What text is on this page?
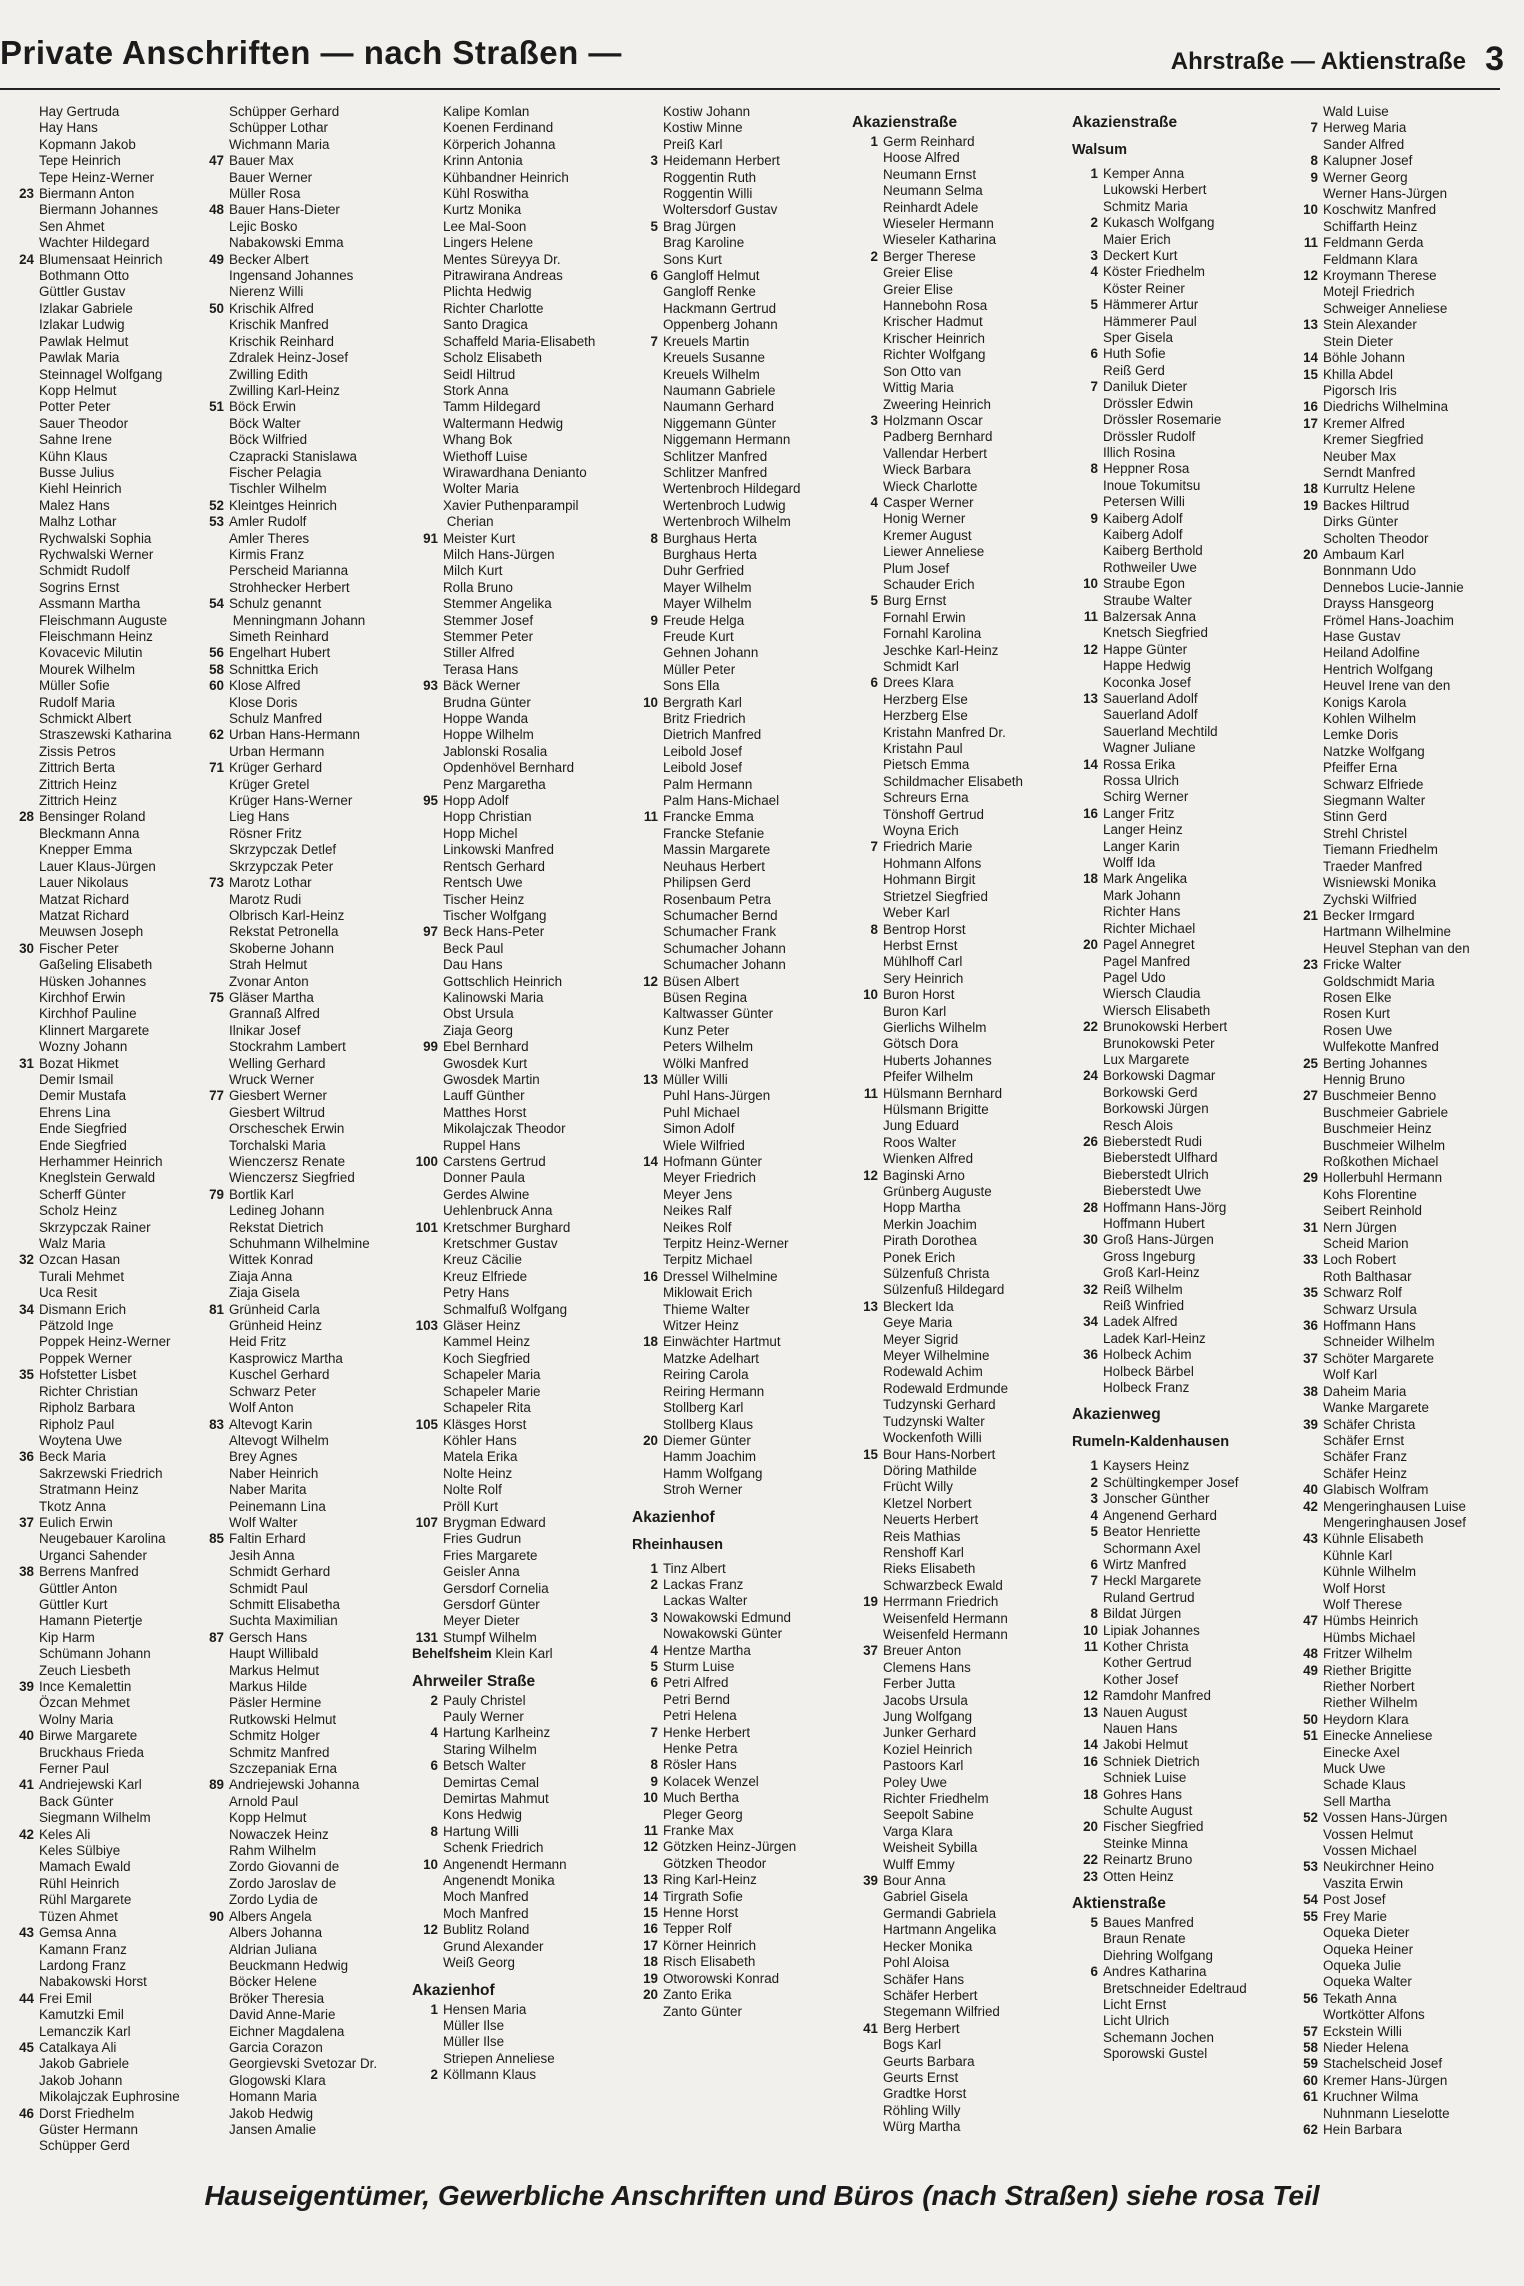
Private Anschriften — nach Straßen —	Ahrstraße — Aktienstraße 3
Hay Gertruda
Hay Hans
Kopmann Jakob
Tepe Heinrich
Tepe Heinz-Werner
23 Biermann Anton
Biermann Johannes
Sen Ahmet
Wachter Hildegard
24 Blumensaat Heinrich
Bothmann Otto
Güttler Gustav
Izlakar Gabriele
Izlakar Ludwig
Pawlak Helmut
Pawlak Maria
Steinnagel Wolfgang
Kopp Helmut
Potter Peter
Sauer Theodor
Sahne Irene
Kühn Klaus
Busse Julius
Kiehl Heinrich
Malez Hans
Malhz Lothar
Rychwalski Sophia
Rychwalski Werner
Schmidt Rudolf
Sogrins Ernst
Assmann Martha
Fleischmann Auguste
Fleischmann Heinz
Kovacevic Milutin
Mourek Wilhelm
Müller Sofie
Rudolf Maria
Schmickt Albert
Straszewski Katharina
Zissis Petros
Zittrich Berta
Zittrich Heinz
Zittrich Heinz
28 Bensinger Roland
Bleckmann Anna
Knepper Emma
Lauer Klaus-Jürgen
Lauer Nikolaus
Matzat Richard
Matzat Richard
Meuwsen Joseph
30 Fischer Peter
Gaßeling Elisabeth
Hüsken Johannes
Kirchhof Erwin
Kirchhof Pauline
Klinnert Margarete
Wozny Johann
31 Bozat Hikmet
Demir Ismail
Demir Mustafa
Ehrens Lina
Ende Siegfried
Ende Siegfried
Herhammer Heinrich
Kneglstein Gerwald
Scherff Günter
Scholz Heinz
Skrzypczak Rainer
Walz Maria
32 Ozcan Hasan
Turali Mehmet
Uca Resit
34 Dismann Erich
Pätzold Inge
Poppek Heinz-Werner
Poppek Werner
35 Hofstetter Lisbet
Richter Christian
Ripholz Barbara
Ripholz Paul
Woytena Uwe
36 Beck Maria
Sakrzewski Friedrich
Stratmann Heinz
Tkotz Anna
37 Eulich Erwin
Neugebauer Karolina
Urganci Sahender
38 Berrens Manfred
Güttler Anton
Güttler Kurt
Hamann Pietertje
Kip Harm
Schümann Johann
Zeuch Liesbeth
39 Ince Kemalettin
Özcan Mehmet
Wolny Maria
40 Birwe Margarete
Bruckhaus Frieda
Ferner Paul
41 Andriejewski Karl
Back Günter
Siegmann Wilhelm
42 Keles Ali
Keles Sülbiye
Mamach Ewald
Rühl Heinrich
Rühl Margarete
Tüzen Ahmet
43 Gemsa Anna
Kamann Franz
Lardong Franz
Nabakowski Horst
44 Frei Emil
Kamutzki Emil
Lemanczik Karl
45 Catalkaya Ali
Jakob Gabriele
Jakob Johann
Mikolajczak Euphrosine
46 Dorst Friedhelm
Güster Hermann
Schüpper Gerd
Schüpper Gerhard
Schüpper Lothar
Wichmann Maria
47 Bauer Max
Bauer Werner
Müller Rosa
48 Bauer Hans-Dieter
Lejic Bosko
Nabakowski Emma
49 Becker Albert
Ingensand Johannes
Nierenz Willi
50 Krischik Alfred
Krischik Manfred
Krischik Reinhard
Zdralek Heinz-Josef
Zwilling Edith
Zwilling Karl-Heinz
51 Böck Erwin
Böck Walter
Böck Wilfried
Czapracki Stanislawa
Fischer Pelagia
Tischler Wilhelm
52 Kleintges Heinrich
53 Amler Rudolf
Amler Theres
Kirmis Franz
Perscheid Marianna
Strohhecker Herbert
54 Schulz genannt
Menningmann Johann
Simeth Reinhard
56 Engelhart Hubert
58 Schnittka Erich
60 Klose Alfred
Klose Doris
Schulz Manfred
62 Urban Hans-Hermann
Urban Hermann
71 Krüger Gerhard
Krüger Gretel
Krüger Hans-Werner
Lieg Hans
Rösner Fritz
Skrzypczak Detlef
Skrzypczak Peter
73 Marotz Lothar
Marotz Rudi
Olbrisch Karl-Heinz
Rekstat Petronella
Skoberne Johann
Strah Helmut
Zvonar Anton
75 Gläser Martha
Grannaß Alfred
Ilnikar Josef
Stockrahm Lambert
Welling Gerhard
Wruck Werner
77 Giesbert Werner
Giesbert Wiltrud
Orscheschek Erwin
Torchalski Maria
Wienczersz Renate
Wienczersz Siegfried
79 Bortlik Karl
Ledineg Johann
Rekstat Dietrich
Schuhmann Wilhelmine
Wittek Konrad
Ziaja Anna
Ziaja Gisela
81 Grünheid Carla
Grünheid Heinz
Heid Fritz
Kasprowicz Martha
Kuschel Gerhard
Schwarz Peter
Wolf Anton
83 Altevogt Karin
Altevogt Wilhelm
Brey Agnes
Naber Heinrich
Naber Marita
Peinemann Lina
Wolf Walter
85 Faltin Erhard
Jesih Anna
Schmidt Gerhard
Schmidt Paul
Schmitt Elisabetha
Suchta Maximilian
87 Gersch Hans
Haupt Willibald
Markus Helmut
Markus Hilde
Päsler Hermine
Rutkowski Helmut
Schmitz Holger
Schmitz Manfred
Szczepaniak Erna
89 Andriejewski Johanna
Arnold Paul
Kopp Helmut
Nowaczek Heinz
Rahm Wilhelm
Zordo Giovanni de
Zordo Jaroslav de
Zordo Lydia de
90 Albers Angela
Albers Johanna
Aldrian Juliana
Beuckmann Hedwig
Böcker Helene
Bröker Theresia
David Anne-Marie
Eichner Magdalena
Garcia Corazon
Georgievski Svetozar Dr.
Glogowski Klara
Homann Maria
Jakob Hedwig
Jansen Amalie
Kalipe Komlan
Koenen Ferdinand
Körperich Johanna
Krinn Antonia
Kühbandner Heinrich
Kühl Roswitha
Kurtz Monika
Lee Mal-Soon
Lingers Helene
Mentes Süreyya Dr.
Pitrawirana Andreas
Plichta Hedwig
Richter Charlotte
Santo Dragica
Schaffeld Maria-Elisabeth
Scholz Elisabeth
Seidl Hiltrud
Stork Anna
Tamm Hildegard
Waltermann Hedwig
Whang Bok
Wiethoff Luise
Wirawardhana Denianto
Wolter Maria
Xavier Puthenparampil
Cherian
91 Meister Kurt
Milch Hans-Jürgen
Milch Kurt
Rolla Bruno
Stemmer Angelika
Stemmer Josef
Stemmer Peter
Stiller Alfred
Terasa Hans
93 Bäck Werner
Brudna Günter
Hoppe Wanda
Hoppe Wilhelm
Jablonski Rosalia
Opdenhövel Bernhard
Penz Margaretha
95 Hopp Adolf
Hopp Christian
Hopp Michel
Linkowski Manfred
Rentsch Gerhard
Rentsch Uwe
Tischer Heinz
Tischer Wolfgang
97 Beck Hans-Peter
Beck Paul
Dau Hans
Gottschlich Heinrich
Kalinowski Maria
Obst Ursula
Ziaja Georg
99 Ebel Bernhard
Gwosdek Kurt
Gwosdek Martin
Lauff Günther
Matthes Horst
Mikolajczak Theodor
Ruppel Hans
100 Carstens Gertrud
Donner Paula
Gerdes Alwine
Uehlenbruck Anna
101 Kretschmer Burghard
Kretschmer Gustav
Kreuz Cäcilie
Kreuz Elfriede
Petry Hans
Schmalfuß Wolfgang
103 Gläser Heinz
Kammel Heinz
Koch Siegfried
Schapeler Maria
Schapeler Marie
Schapeler Rita
105 Kläsges Horst
Köhler Hans
Matela Erika
Nolte Heinz
Nolte Rolf
Pröll Kurt
107 Brygman Edward
Fries Gudrun
Fries Margarete
Geisler Anna
Gersdorf Cornelia
Gersdorf Günter
Meyer Dieter
131 Stumpf Wilhelm
Behelfsheim Klein Karl
Ahrweiler Straße
2 Pauly Christel
Pauly Werner
4 Hartung Karlheinz
Staring Wilhelm
6 Betsch Walter
Demirtas Cemal
Demirtas Mahmut
Kons Hedwig
8 Hartung Willi
Schenk Friedrich
10 Angenendt Hermann
Angenendt Monika
Moch Manfred
Moch Manfred
12 Bublitz Roland
Grund Alexander
Weiß Georg
Akazienhof
1 Hensen Maria
Müller Ilse
Müller Ilse
Striepen Anneliese
2 Köllmann Klaus
Kostiw Johann
Kostiw Minne
Preiß Karl
3 Heidemann Herbert
Roggentin Ruth
Roggentin Willi
Woltersdorf Gustav
5 Brag Jürgen
Brag Karoline
Sons Kurt
6 Gangloff Helmut
Gangloff Renke
Hackmann Gertrud
Oppenberg Johann
7 Kreuels Martin
Kreuels Susanne
Kreuels Wilhelm
Naumann Gabriele
Naumann Gerhard
Niggemann Günter
Niggemann Hermann
Schlitzer Manfred
Schlitzer Manfred
Wertenbroch Hildegard
Wertenbroch Ludwig
Wertenbroch Wilhelm
8 Burghaus Herta
Burghaus Herta
Duhr Gerfried
Mayer Wilhelm
Mayer Wilhelm
9 Freude Helga
Freude Kurt
Gehnen Johann
Müller Peter
Sons Ella
10 Bergrath Karl
Britz Friedrich
Dietrich Manfred
Leibold Josef
Leibold Josef
Palm Hermann
Palm Hans-Michael
11 Francke Emma
Francke Stefanie
Massin Margarete
Neuhaus Herbert
Philipsen Gerd
Rosenbaum Petra
Schumacher Bernd
Schumacher Frank
Schumacher Johann
Schumacher Johann
12 Büsen Albert
Büsen Regina
Kaltwasser Günter
Kunz Peter
Peters Wilhelm
Wölki Manfred
13 Müller Willi
Puhl Hans-Jürgen
Puhl Michael
Simon Adolf
Wiele Wilfried
14 Hofmann Günter
Meyer Friedrich
Meyer Jens
Neikes Ralf
Neikes Rolf
Terpitz Heinz-Werner
Terpitz Michael
16 Dressel Wilhelmine
Miklowait Erich
Thieme Walter
Witzer Heinz
18 Einwächter Hartmut
Matzke Adelhart
Reiring Carola
Reiring Hermann
Stollberg Karl
Stollberg Klaus
20 Diemer Günter
Hamm Joachim
Hamm Wolfgang
Stroh Werner
Akazienhof
Rheinhausen
1 Tinz Albert
2 Lackas Franz
Lackas Walter
3 Nowakowski Edmund
Nowakowski Günter
4 Hentze Martha
5 Sturm Luise
6 Petri Alfred
Petri Bernd
Petri Helena
7 Henke Herbert
Henke Petra
8 Rösler Hans
9 Kolacek Wenzel
10 Much Bertha
Pleger Georg
11 Franke Max
12 Götzken Heinz-Jürgen
Götzken Theodor
13 Ring Karl-Heinz
14 Tirgrath Sofie
15 Henne Horst
16 Tepper Rolf
17 Körner Heinrich
18 Risch Elisabeth
19 Otworowski Konrad
20 Zanto Erika
Zanto Günter
Akazienstraße
1 Germ Reinhard
Hoose Alfred
Neumann Ernst
Neumann Selma
Reinhardt Adele
Wieseler Hermann
Wieseler Katharina
2 Berger Therese
Greier Elise
Greier Elise
Hannebohn Rosa
Krischer Hadmut
Krischer Heinrich
Richter Wolfgang
Son Otto van
Wittig Maria
Zweering Heinrich
3 Holzmann Oscar
Padberg Bernhard
Vallendar Herbert
Wieck Barbara
Wieck Charlotte
4 Casper Werner
Honig Werner
Kremer August
Liewer Anneliese
Plum Josef
Schauder Erich
5 Burg Ernst
Fornahl Erwin
Fornahl Karolina
Jeschke Karl-Heinz
Schmidt Karl
6 Drees Klara
Herzberg Else
Herzberg Else
Kristahn Manfred Dr.
Kristahn Paul
Pietsch Emma
Schildmacher Elisabeth
Schreurs Erna
Tönshoff Gertrud
Woyna Erich
7 Friedrich Marie
Hohmann Alfons
Hohmann Birgit
Strietzel Siegfried
Weber Karl
8 Bentrop Horst
Herbst Ernst
Mühlhoff Carl
Sery Heinrich
10 Buron Horst
Buron Karl
Gierlichs Wilhelm
Götsch Dora
Huberts Johannes
Pfeifer Wilhelm
11 Hülsmann Bernhard
Hülsmann Brigitte
Jung Eduard
Roos Walter
Wienken Alfred
12 Baginski Arno
Grünberg Auguste
Hopp Martha
Merkin Joachim
Pirath Dorothea
Ponek Erich
Sülzenfuß Christa
Sülzenfuß Hildegard
13 Bleckert Ida
Geye Maria
Meyer Sigrid
Meyer Wilhelmine
Rodewald Achim
Rodewald Erdmunde
Tudzynski Gerhard
Tudzynski Walter
Wockenfoth Willi
15 Bour Hans-Norbert
Döring Mathilde
Frücht Willy
Kletzel Norbert
Neuerts Herbert
Reis Mathias
Renshoff Karl
Rieks Elisabeth
Schwarzbeck Ewald
19 Herrmann Friedrich
Weisenfeld Hermann
Weisenfeld Hermann
37 Breuer Anton
Clemens Hans
Ferber Jutta
Jacobs Ursula
Jung Wolfgang
Junker Gerhard
Koziel Heinrich
Pastoors Karl
Poley Uwe
Richter Friedhelm
Seepolt Sabine
Varga Klara
Weisheit Sybilla
Wulff Emmy
39 Bour Anna
Gabriel Gisela
Germandi Gabriela
Hartmann Angelika
Hecker Monika
Pohl Aloisa
Schäfer Hans
Schäfer Herbert
Stegemann Wilfried
41 Berg Herbert
Bogs Karl
Geurts Barbara
Geurts Ernst
Gradtke Horst
Röhling Willy
Würg Martha
Akazienstraße
Walsum
1 Kemper Anna
Lukowski Herbert
Schmitz Maria
2 Kukasch Wolfgang
Maier Erich
3 Deckert Kurt
4 Köster Friedhelm
Köster Reiner
5 Hämmerer Artur
Hämmerer Paul
Sper Gisela
6 Huth Sofie
Reiß Gerd
7 Daniluk Dieter
Drössler Edwin
Drössler Rosemarie
Drössler Rudolf
Illich Rosina
8 Heppner Rosa
Inoue Tokumitsu
Petersen Willi
9 Kaiberg Adolf
Kaiberg Adolf
Kaiberg Berthold
Rothweiler Uwe
10 Straube Egon
Straube Walter
11 Balzersak Anna
Knetsch Siegfried
12 Happe Günter
Happe Hedwig
Koconka Josef
13 Sauerland Adolf
Sauerland Adolf
Sauerland Mechtild
Wagner Juliane
14 Rossa Erika
Rossa Ulrich
Schirg Werner
16 Langer Fritz
Langer Heinz
Langer Karin
Wolff Ida
18 Mark Angelika
Mark Johann
Richter Hans
Richter Michael
20 Pagel Annegret
Pagel Manfred
Pagel Udo
Wiersch Claudia
Wiersch Elisabeth
22 Brunokowski Herbert
Brunokowski Peter
Lux Margarete
24 Borkowski Dagmar
Borkowski Gerd
Borkowski Jürgen
Resch Alois
26 Bieberstedt Rudi
Bieberstedt Ulfhard
Bieberstedt Ulrich
Bieberstedt Uwe
28 Hoffmann Hans-Jörg
Hoffmann Hubert
30 Groß Hans-Jürgen
Gross Ingeburg
Groß Karl-Heinz
32 Reiß Wilhelm
Reiß Winfried
34 Ladek Alfred
Ladek Karl-Heinz
36 Holbeck Achim
Holbeck Bärbel
Holbeck Franz
Akazienweg
Rumeln-Kaldenhausen
1 Kaysers Heinz
2 Schültingkemper Josef
3 Jonscher Günther
4 Angenend Gerhard
5 Beator Henriette
Schormann Axel
6 Wirtz Manfred
7 Heckl Margarete
Ruland Gertrud
8 Bildat Jürgen
10 Lipiak Johannes
11 Kother Christa
Kother Gertrud
Kother Josef
12 Ramdohr Manfred
13 Nauen August
Nauen Hans
14 Jakobi Helmut
16 Schniek Dietrich
Schniek Luise
18 Gohres Hans
Schulte August
20 Fischer Siegfried
Steinke Minna
22 Reinartz Bruno
23 Otten Heinz
Aktienstraße
5 Baues Manfred
Braun Renate
Diehring Wolfgang
6 Andres Katharina
Bretschneider Edeltraud
Licht Ernst
Licht Ulrich
Schemann Jochen
Sporowski Gustel
Wald Luise
7 Herweg Maria
Sander Alfred
8 Kalupner Josef
9 Werner Georg
Werner Hans-Jürgen
10 Koschwitz Manfred
Schiffarth Heinz
11 Feldmann Gerda
Feldmann Klara
12 Kroymann Therese
Motejl Friedrich
Schweiger Anneliese
13 Stein Alexander
Stein Dieter
14 Böhle Johann
15 Khilla Abdel
Pigorsch Iris
16 Diedrichs Wilhelmina
17 Kremer Alfred
Kremer Siegfried
Neuber Max
Serndt Manfred
18 Kurrultz Helene
19 Backes Hiltrud
Dirks Günter
Scholten Theodor
20 Ambaum Karl
Bonnmann Udo
Dennebos Lucie-Jannie
Drayss Hansgeorg
Frömel Hans-Joachim
Hase Gustav
Heiland Adolfine
Hentrich Wolfgang
Heuvel Irene van den
Konigs Karola
Kohlen Wilhelm
Lemke Doris
Natzke Wolfgang
Pfeiffer Erna
Schwarz Elfriede
Siegmann Walter
Stinn Gerd
Strehl Christel
Tiemann Friedhelm
Traeder Manfred
Wisniewski Monika
Zychski Wilfried
21 Becker Irmgard
Hartmann Wilhelmine
Heuvel Stephan van den
23 Fricke Walter
Goldschmidt Maria
Rosen Elke
Rosen Kurt
Rosen Uwe
Wulfekotte Manfred
25 Berting Johannes
Hennig Bruno
27 Buschmeier Benno
Buschmeier Gabriele
Buschmeier Heinz
Buschmeier Wilhelm
Roßkothen Michael
29 Hollerbuhl Hermann
Kohs Florentine
Seibert Reinhold
31 Nern Jürgen
Scheid Marion
33 Loch Robert
Roth Balthasar
35 Schwarz Rolf
Schwarz Ursula
36 Hoffmann Hans
Schneider Wilhelm
37 Schöter Margarete
Wolf Karl
38 Daheim Maria
Wanke Margarete
39 Schäfer Christa
Schäfer Ernst
Schäfer Franz
Schäfer Heinz
40 Glabisch Wolfram
42 Mengeringhausen Luise
Mengeringhausen Josef
43 Kühnle Elisabeth
Kühnle Karl
Kühnle Wilhelm
Wolf Horst
Wolf Therese
47 Hümbs Heinrich
Hümbs Michael
48 Fritzer Wilhelm
49 Riether Brigitte
Riether Norbert
Riether Wilhelm
50 Heydorn Klara
51 Einecke Anneliese
Einecke Axel
Muck Uwe
Schade Klaus
Sell Martha
52 Vossen Hans-Jürgen
Vossen Helmut
Vossen Michael
53 Neukirchner Heino
Vaszita Erwin
54 Post Josef
55 Frey Marie
Oqueka Dieter
Oqueka Heiner
Oqueka Julie
Oqueka Walter
56 Tekath Anna
Wortkötter Alfons
57 Eckstein Willi
58 Nieder Helena
59 Stachelscheid Josef
60 Kremer Hans-Jürgen
61 Kruchner Wilma
Nuhnmann Lieselotte
62 Hein Barbara
Hauseigentümer, Gewerbliche Anschriften und Büros (nach Straßen) siehe rosa Teil
